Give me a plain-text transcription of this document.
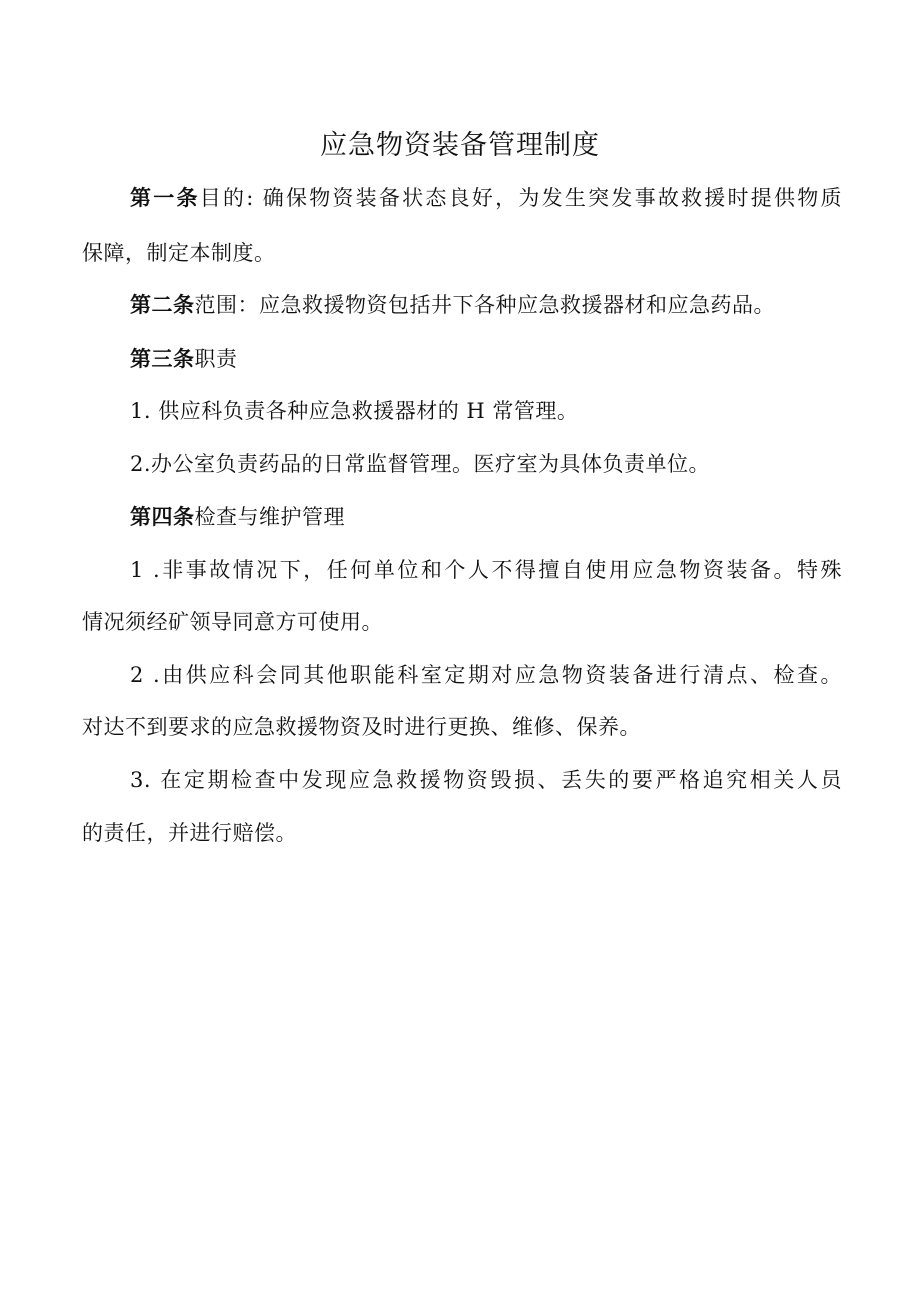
应急物资装备管理制度
第一条目的: 确保物资装备状态良好，为发生突发事故救援时提供物质
保障，制定本制度。
第二条范围：应急救援物资包括井下各种应急救援器材和应急药品。
第三条职责
1. 供应科负责各种应急救援器材的 H 常管理。
2.办公室负责药品的日常监督管理。医疗室为具体负责单位。
第四条检查与维护管理
1 .非事故情况下，任何单位和个人不得擅自使用应急物资装备。特殊
情况须经矿领导同意方可使用。
2 .由供应科会同其他职能科室定期对应急物资装备进行清点、检查。
对达不到要求的应急救援物资及时进行更换、维修、保养。
3. 在定期检查中发现应急救援物资毁损、丢失的要严格追究相关人员
的责任，并进行赔偿。
